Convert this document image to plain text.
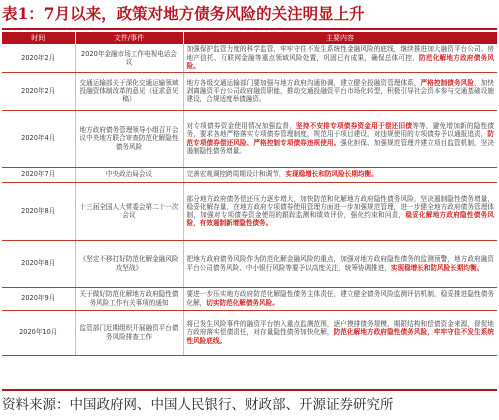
表1：7月以来，政策对地方债务风险的关注明显上升
时间	文件/事件	主要内容
2020年2月	2020年金融市场工作电视电话会议	加强保护监管力度的科学监管，牢牢守住不发生系统性金融风险的底线，继续推进加大融资平台公司、房地产信托、互联网金融等重点领域风险处置，巩固已有成果，确保总体可控、防范化解地方政府债务风险。
2020年2月	交通运输部关于深化交通运输领域投融资体制改革的意见（征求意见稿）	地方各级交通运输部门要加强与地方政府沟通协调，建立健全投融资管理体系，严格控制债务风险，加快剥离融资平台公司政府融资职能，推动交通投融资平台市场化转型，积极引导社会资本参与交通基础设施建设，合规适度举债融资。
2020年4月	地方政府债务管理领导小组召开会议中央地方联合审查防范化解隐性债务风险	对专项债券资金使用情况加强监督，坚持不安排专项债券资金用于偿还旧债等等，避免增加新的隐性债务，要求各地严格落实专项债券管理制度，规范用于项目建设，对违规使用的专项债券予以通报追责，防范专项债券偿还风险、严格控制专项债券违规使用。强化担保、加强规范管理并建立项目监管机制，坚决遏制隐性债务增量。
2020年7月	中央政治局会议	完善宏观调控跨周期设计和调节，实现稳增长和防风险长期均衡。
2020年8月	十三届全国人大常委会第二十一次会议	部分地方政府债务偿还压力逐步增大，加快防范和化解地方政府隐性债务风险，坚决遏制隐性债务增量，稳妥化解存量，在地方政府专项债券使用管理方面进一步加强规范管理，进一步健全地方政府债务管理体制，加强对专项债券资金使用的跟踪监测和绩效评价，强化约束和问责，稳妥化解地方政府隐性债务风险，有效遏制新增隐性债务。
2020年8月	《坚定不移打好防范化解金融风险攻坚战》	把地方政府债务风险作为防范化解金融风险的重点，加强对地方政府隐性债务的监测预警，地方政府融资平台公司债务风险、中小银行风险等要予以高度关注，统筹协调推进，实现稳增长和防风险长期均衡。
2020年9月	关于做好防范化解地方政府隐性债务风险工作有关事项的通知	要进一步压实地方政府防范化解隐性债务主体责任，建立健全债务风险监测评估机制，稳妥推进隐性债务化解，切实防范化解债务风险。
2020年10月	监管部门近期组织开展融资平台债务风险排查工作	将已发生风险事件的融资平台纳入重点监测范围，逐户摸排债务规模、期限结构和偿债资金来源，督促地方政府落实偿债责任，对存量隐性债务加快化解，防范化解地方政府隐性债务风险，牢牢守住不发生系统性风险底线。
资料来源：中国政府网、中国人民银行、财政部、开源证券研究所
